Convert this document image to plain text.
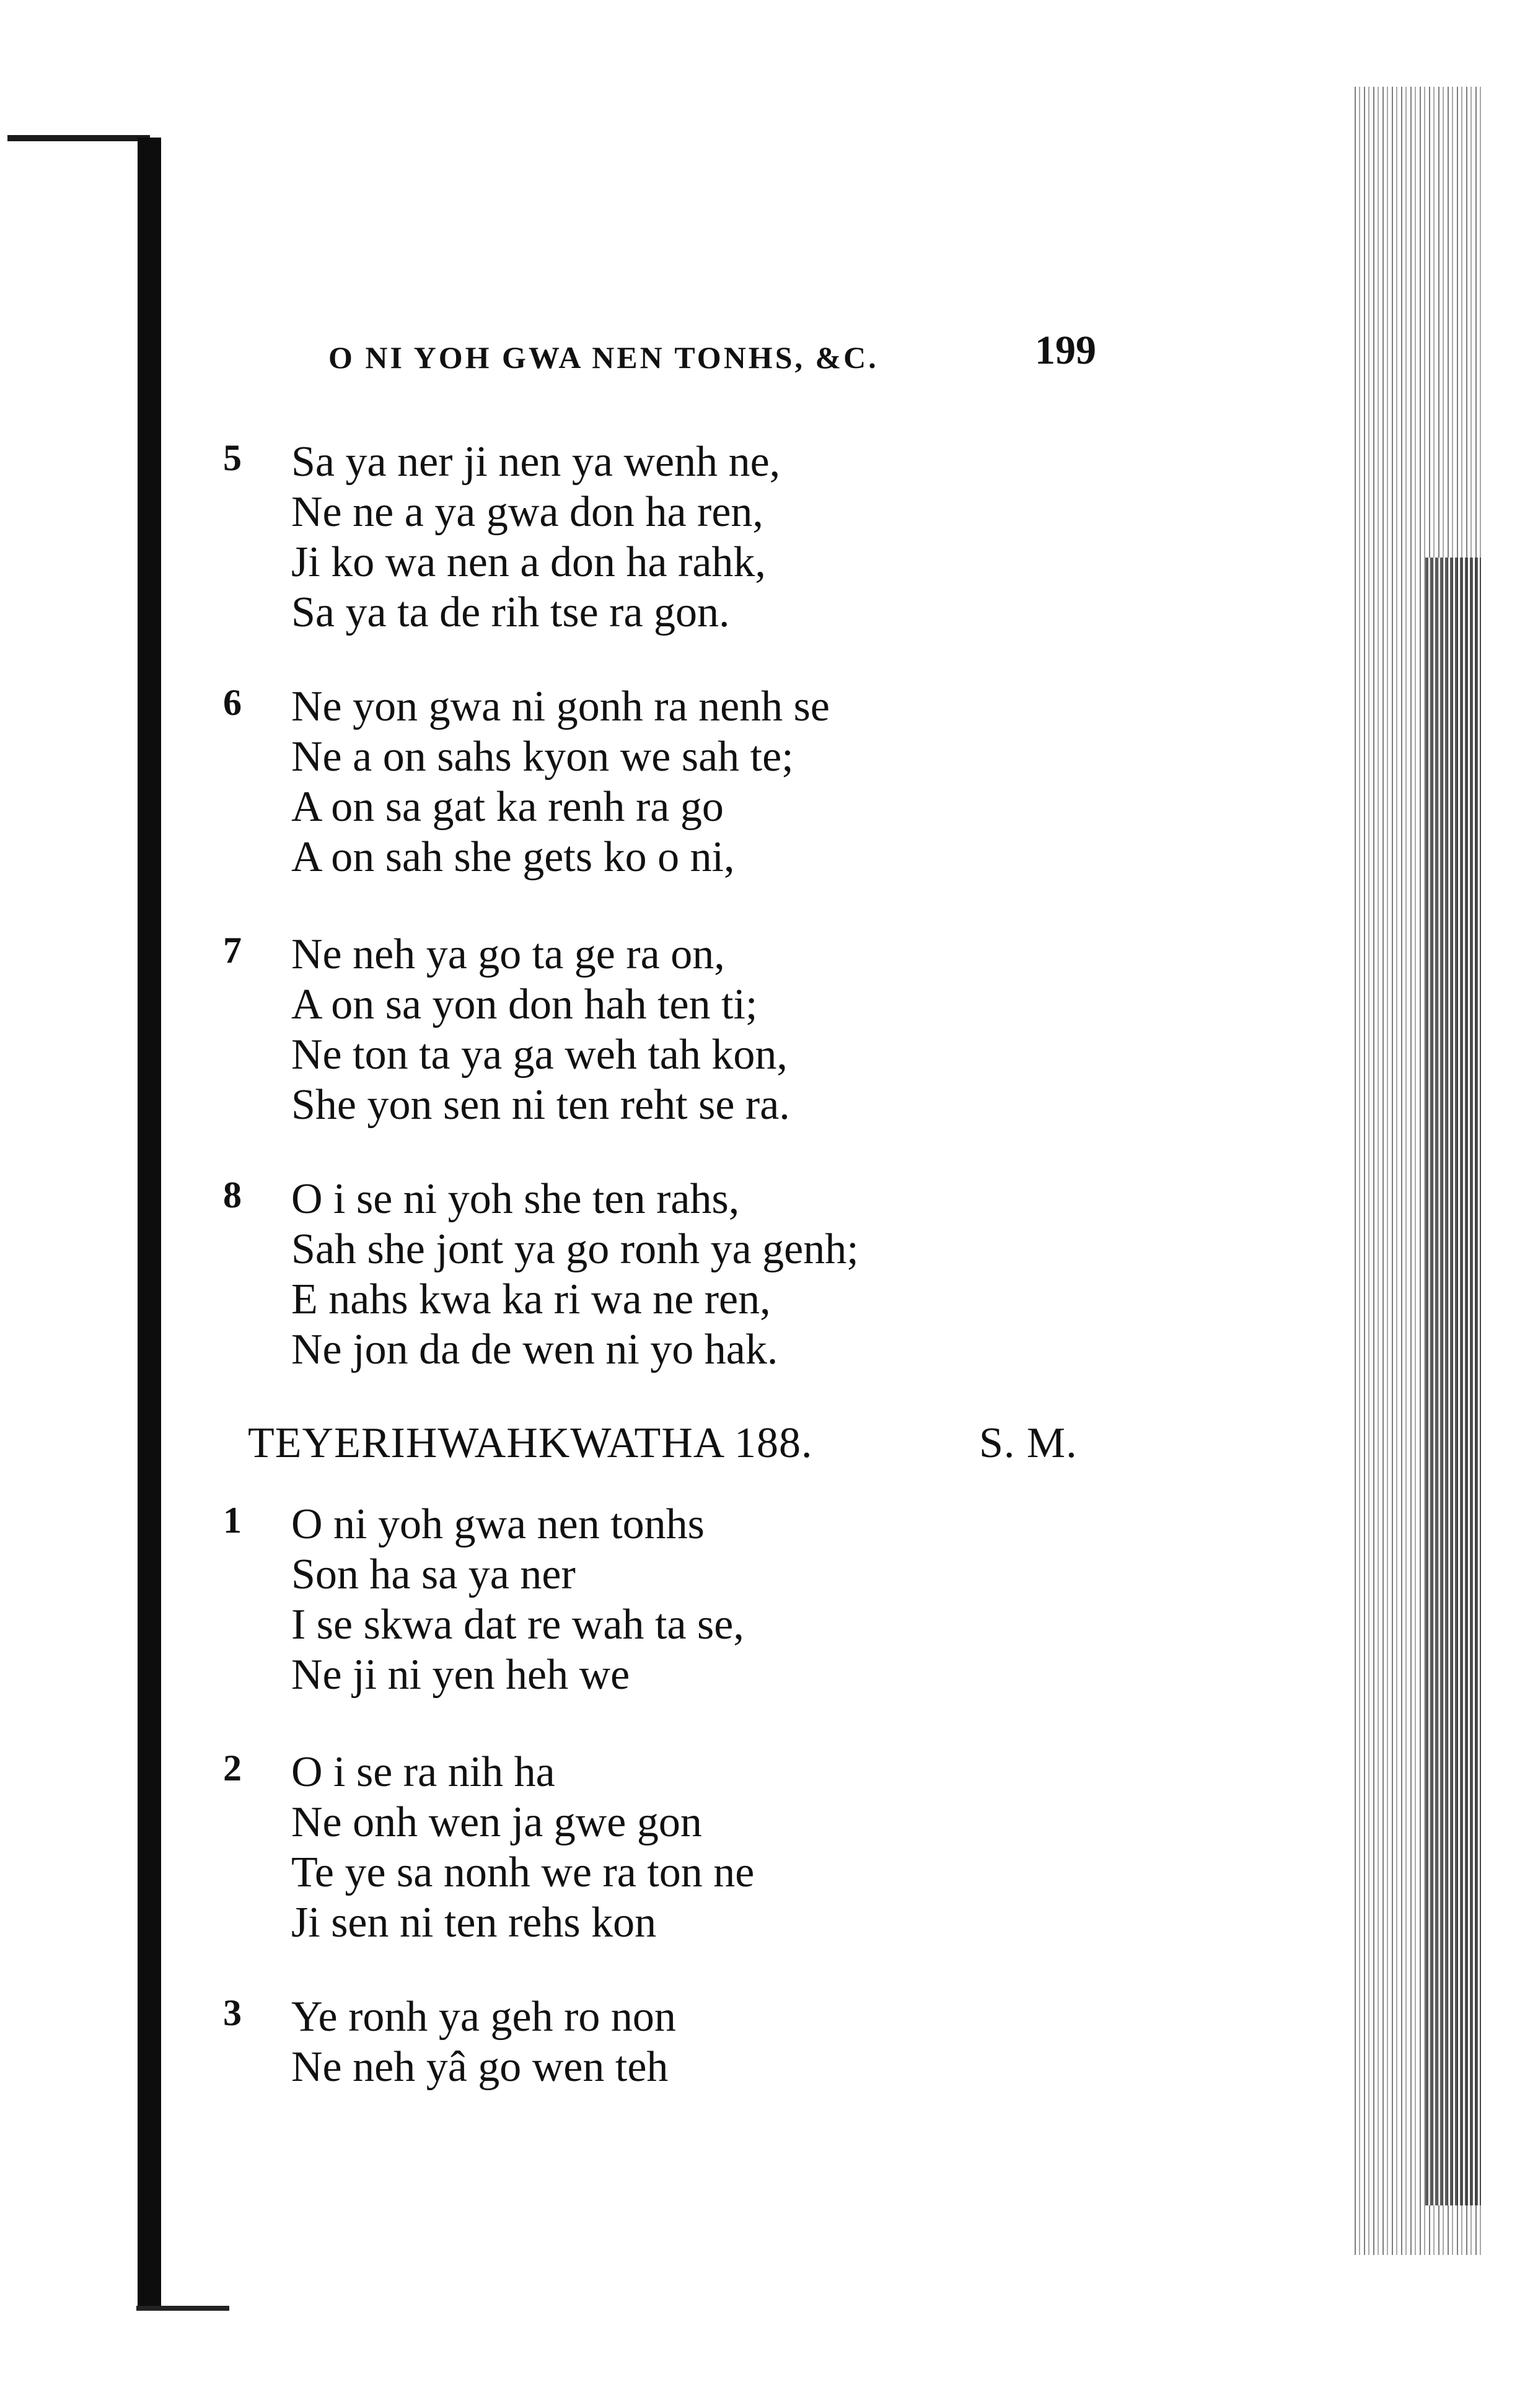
O NI YOH GWA NEN TONHS, &C.	199
5	Sa ya ner ji nen ya wenh ne,
Ne ne a ya gwa don ha ren,
Ji ko wa nen a don ha rahk,
Sa ya ta de rih tse ra gon.
6	Ne yon gwa ni gonh ra nenh se
Ne a on sahs kyon we sah te;
A on sa gat ka renh ra go
A on sah she gets ko o ni,
7	Ne neh ya go ta ge ra on,
A on sa yon don hah ten ti;
Ne ton ta ya ga weh tah kon,
She yon sen ni ten reht se ra.
8	O i se ni yoh she ten rahs,
Sah she jont ya go ronh ya genh;
E nahs kwa ka ri wa ne ren,
Ne jon da de wen ni yo hak.
TEYERIHWAHKWATHA 188.	S. M.
1	O ni yoh gwa nen tonhs
Son ha sa ya ner
I se skwa dat re wah ta se,
Ne ji ni yen heh we
2	O i se ra nih ha
Ne onh wen ja gwe gon
Te ye sa nonh we ra ton ne
Ji sen ni ten rehs kon
3	Ye ronh ya geh ro non
Ne neh yâ go wen teh
